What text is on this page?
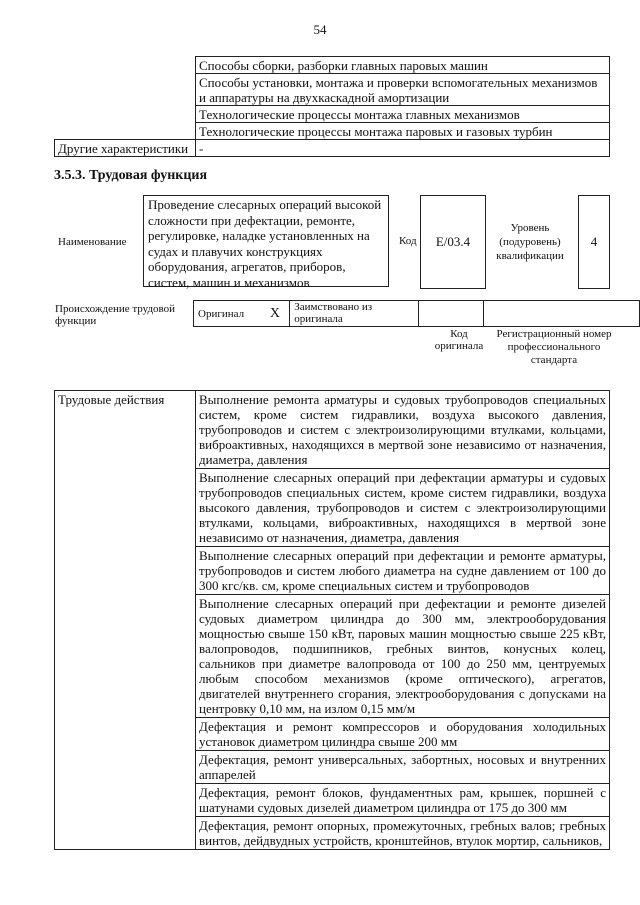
54
	Способы сборки, разборки главных паровых машин
	Способы установки, монтажа и проверки вспомогательных механизмов и аппаратуры на двухкаскадной амортизации
	Технологические процессы монтажа главных механизмов
	Технологические процессы монтажа паровых и газовых турбин
Другие характеристики	-
3.5.3. Трудовая функция
Наименование
Проведение слесарных операций высокой сложности при дефектации, ремонте, регулировке, наладке установленных на судах и плавучих конструкциях оборудования, агрегатов, приборов, систем, машин и механизмов
Код	E/03.4
Уровень (подуровень) квалификации
4
Происхождение трудовой функции
Оригинал	X	Заимствовано из оригинала		
Код оригинала
Регистрационный номер профессионального стандарта
Трудовые действия	Выполнение ремонта арматуры и судовых трубопроводов специальных систем, кроме систем гидравлики, воздуха высокого давления, трубопроводов и систем с электроизолирующими втулками, кольцами, виброактивных, находящихся в мертвой зоне независимо от назначения, диаметра, давления
Выполнение слесарных операций при дефектации арматуры и судовых трубопроводов специальных систем, кроме систем гидравлики, воздуха высокого давления, трубопроводов и систем с электроизолирующими втулками, кольцами, виброактивных, находящихся в мертвой зоне независимо от назначения, диаметра, давления
Выполнение слесарных операций при дефектации и ремонте арматуры, трубопроводов и систем любого диаметра на судне давлением от 100 до 300 кгс/кв. см, кроме специальных систем и трубопроводов
Выполнение слесарных операций при дефектации и ремонте дизелей судовых диаметром цилиндра до 300 мм, электрооборудования мощностью свыше 150 кВт, паровых машин мощностью свыше 225 кВт, валопроводов, подшипников, гребных винтов, конусных колец, сальников при диаметре валопровода от 100 до 250 мм, центруемых любым способом механизмов (кроме оптического), агрегатов, двигателей внутреннего сгорания, электрооборудования с допусками на центровку 0,10 мм, на излом 0,15 мм/м
Дефектация и ремонт компрессоров и оборудования холодильных установок диаметром цилиндра свыше 200 мм
Дефектация, ремонт универсальных, забортных, носовых и внутренних аппарелей
Дефектация, ремонт блоков, фундаментных рам, крышек, поршней с шатунами судовых дизелей диаметром цилиндра от 175 до 300 мм
Дефектация, ремонт опорных, промежуточных, гребных валов; гребных винтов, дейдвудных устройств, кронштейнов, втулок мортир, сальников,
